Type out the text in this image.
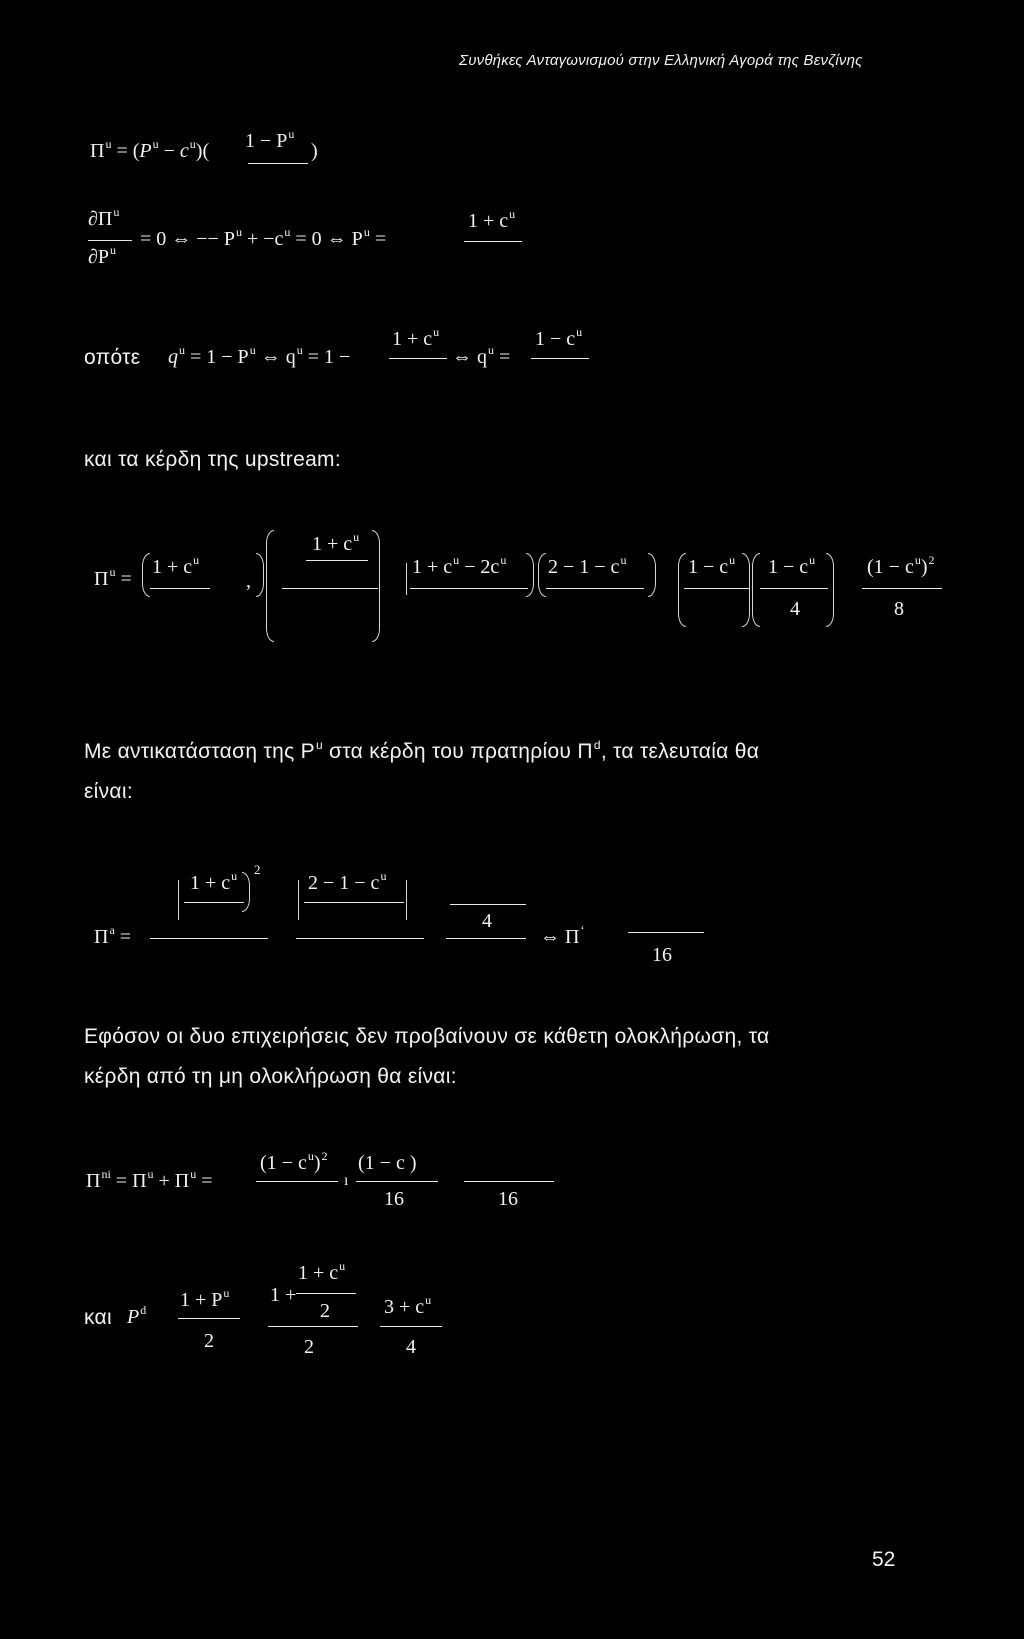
Συνθήκες Ανταγωνισμού στην Ελληνική Αγορά της Βενζίνης
$\Pi^u = (P^u - c^u)$( $1 - P^u$
)
$\partial\Pi^u$
$\partial P^u = 0$ ⇔ −− $P^u + -c^u = 0$ ⇔ $P^u$ =
$1 + c^u$
οπότε $q^u = 1 - P^u$ ⇔ $q^u = 1$ −
$1 + c^u$
⇔ $q^u$ =
$1 - c^u$
και τα κέρδη της upstream:
$\Pi^u$ =
$1 + c^u$
,
$1 + c^u$
$1 + c^u - 2c^u$ $2 - 1 - c^u$	$1 - c^u$ $1 - c^u$
4
$(1 - c^u)^2$
8
Με αντικατάσταση της $P^u$ στα κέρδη του πρατηρίου $\Pi^d$, τα τελευταία θα
είναι:
$\Pi^a$ =
$1 + c^u$ 2
$2 - 1 - c^u$
4
⇔ Π‘
16
Εφόσον οι δυο επιχειρήσεις δεν προβαίνουν σε κάθετη ολοκλήρωση, τα
κέρδη από τη μη ολοκλήρωση θα είναι:
$\Pi^{ni} = \Pi^u + \Pi^u$ =
$(1 - c^u)^2$
16
ı
(1 − c )
16
και $P^d$ $1 + P^u$
2
1 +
$1 + c^u$
2
2
$3 + c^u$
4
52
